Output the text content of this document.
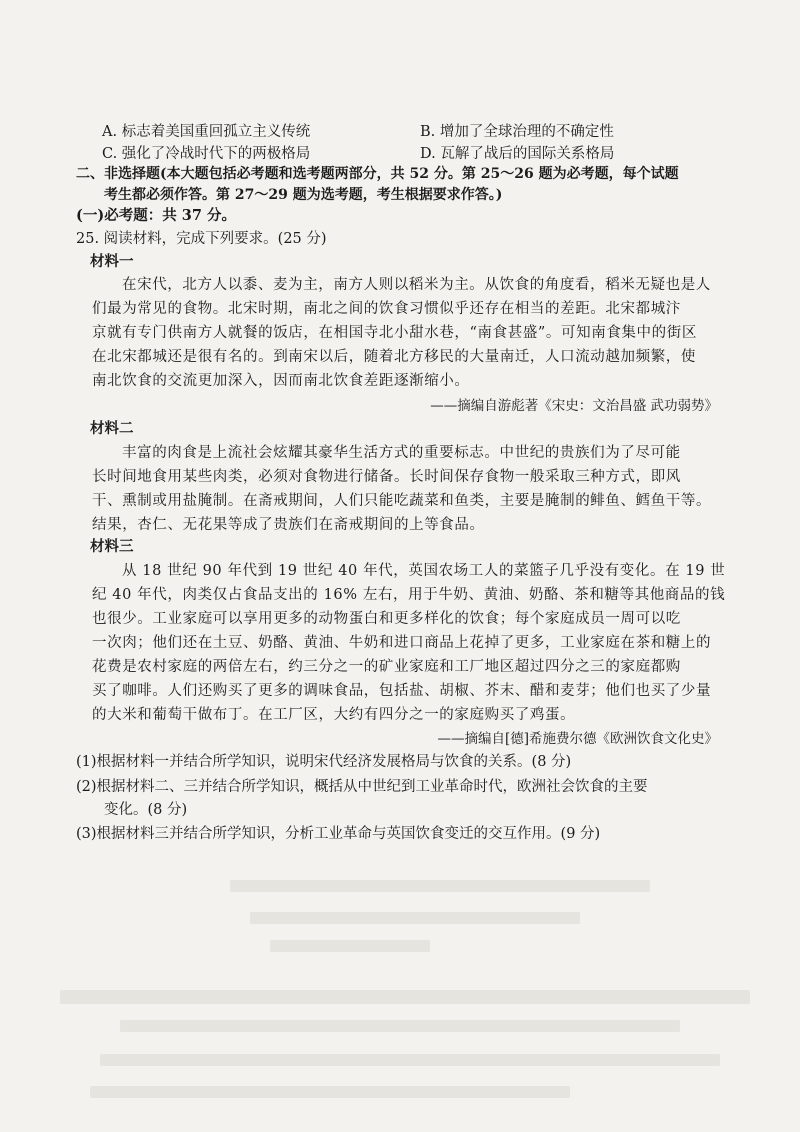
A. 标志着美国重回孤立主义传统	B. 增加了全球治理的不确定性
C. 强化了冷战时代下的两极格局	D. 瓦解了战后的国际关系格局
二、非选择题(本大题包括必考题和选考题两部分，共 52 分。第 25～26 题为必考题，每个试题
考生都必须作答。第 27～29 题为选考题，考生根据要求作答。)
(一)必考题：共 37 分。
25. 阅读材料，完成下列要求。(25 分)
材料一
在宋代，北方人以黍、麦为主，南方人则以稻米为主。从饮食的角度看，稻米无疑也是人
们最为常见的食物。北宋时期，南北之间的饮食习惯似乎还存在相当的差距。北宋都城汴
京就有专门供南方人就餐的饭店，在相国寺北小甜水巷，“南食甚盛”。可知南食集中的街区
在北宋都城还是很有名的。到南宋以后，随着北方移民的大量南迁，人口流动越加频繁，使
南北饮食的交流更加深入，因而南北饮食差距逐渐缩小。
——摘编自游彪著《宋史：文治昌盛 武功弱势》
材料二
丰富的肉食是上流社会炫耀其豪华生活方式的重要标志。中世纪的贵族们为了尽可能
长时间地食用某些肉类，必须对食物进行储备。长时间保存食物一般采取三种方式，即风
干、熏制或用盐腌制。在斋戒期间，人们只能吃蔬菜和鱼类，主要是腌制的鲱鱼、鳕鱼干等。
结果，杏仁、无花果等成了贵族们在斋戒期间的上等食品。
材料三
从 18 世纪 90 年代到 19 世纪 40 年代，英国农场工人的菜篮子几乎没有变化。在 19 世
纪 40 年代，肉类仅占食品支出的 16% 左右，用于牛奶、黄油、奶酪、茶和糖等其他商品的钱
也很少。工业家庭可以享用更多的动物蛋白和更多样化的饮食；每个家庭成员一周可以吃
一次肉；他们还在土豆、奶酪、黄油、牛奶和进口商品上花掉了更多，工业家庭在茶和糖上的
花费是农村家庭的两倍左右，约三分之一的矿业家庭和工厂地区超过四分之三的家庭都购
买了咖啡。人们还购买了更多的调味食品，包括盐、胡椒、芥末、醋和麦芽；他们也买了少量
的大米和葡萄干做布丁。在工厂区，大约有四分之一的家庭购买了鸡蛋。
——摘编自[德]希施费尔德《欧洲饮食文化史》
(1)根据材料一并结合所学知识，说明宋代经济发展格局与饮食的关系。(8 分)
(2)根据材料二、三并结合所学知识，概括从中世纪到工业革命时代，欧洲社会饮食的主要
变化。(8 分)
(3)根据材料三并结合所学知识，分析工业革命与英国饮食变迁的交互作用。(9 分)
